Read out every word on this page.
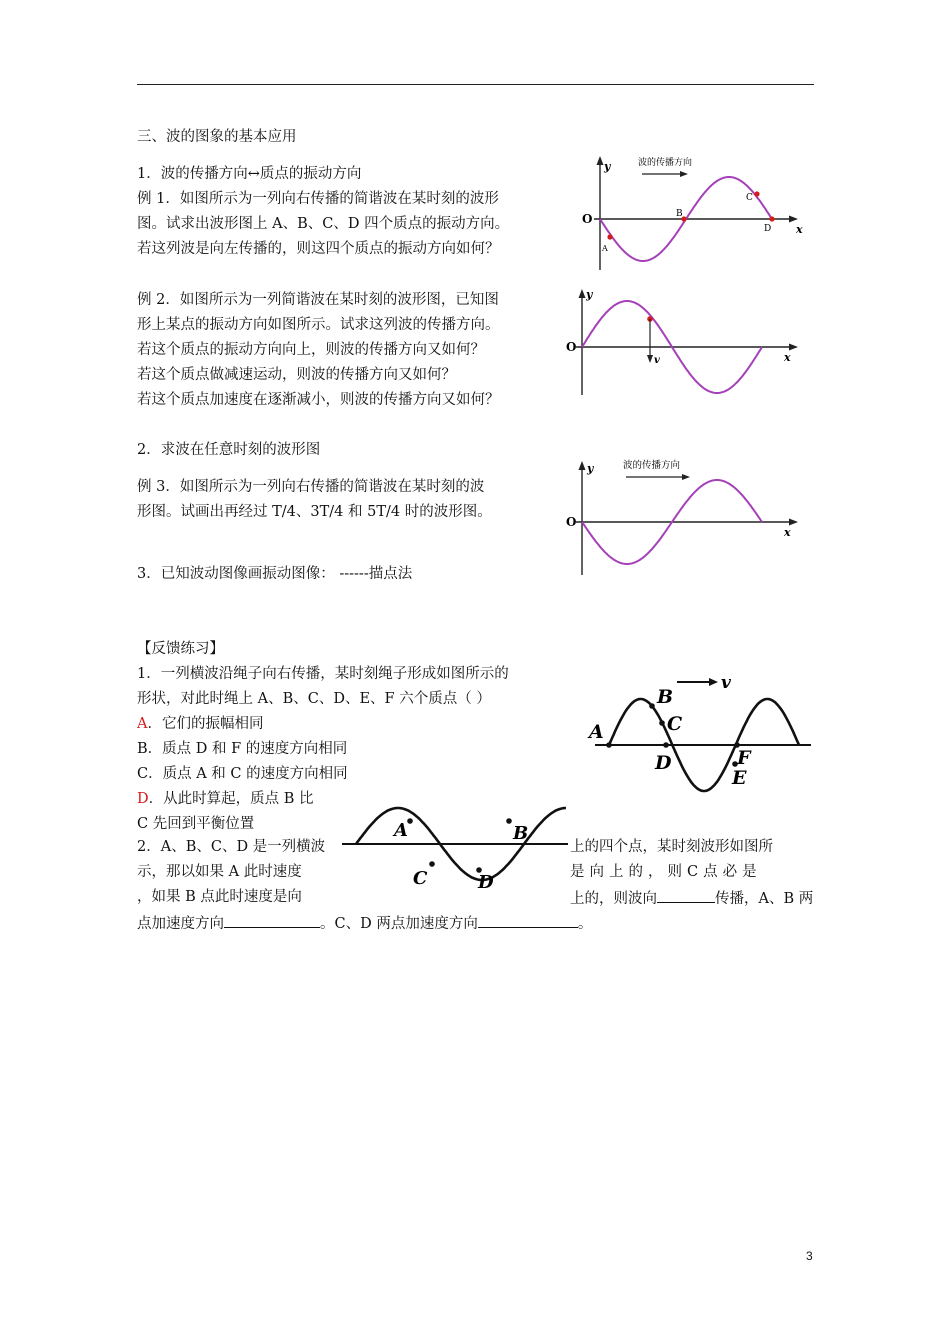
三、波的图象的基本应用
1．波的传播方向↔质点的振动方向
例 1．如图所示为一列向右传播的简谐波在某时刻的波形
图。试求出波形图上 A、B、C、D 四个质点的振动方向。
若这列波是向左传播的，则这四个质点的振动方向如何？
例 2．如图所示为一列简谐波在某时刻的波形图，已知图
形上某点的振动方向如图所示。试求这列波的传播方向。
若这个质点的振动方向向上，则波的传播方向又如何？
若这个质点做减速运动，则波的传播方向又如何？
若这个质点加速度在逐渐减小，则波的传播方向又如何？
2．求波在任意时刻的波形图
例 3．如图所示为一列向右传播的简谐波在某时刻的波
形图。试画出再经过 T/4、3T/4 和 5T/4 时的波形图。
3．已知波动图像画振动图像： ------描点法
【反馈练习】
1．一列横波沿绳子向右传播，某时刻绳子形成如图所示的
形状，对此时绳上 A、B、C、D、E、F 六个质点（ ）
A．它们的振幅相同
B．质点 D 和 F 的速度方向相同
C．质点 A 和 C 的速度方向相同
D．从此时算起，质点 B 比
C 先回到平衡位置
2．A、B、C、D 是一列横波	上的四个点，某时刻波形如图所
示，那以如果 A 此时速度	是 向 上 的 ， 则 C 点 必 是
，如果 B 点此时速度是向	上的，则波向	传播，A、B 两
点加速度方向	。C、D 两点加速度方向	。
3
波的传播方向
y
x
O
A
B
C
D
v
y
x
O
波的传播方向
y
x
O
v
A
B
C
D
E
F
A	B
C	D
